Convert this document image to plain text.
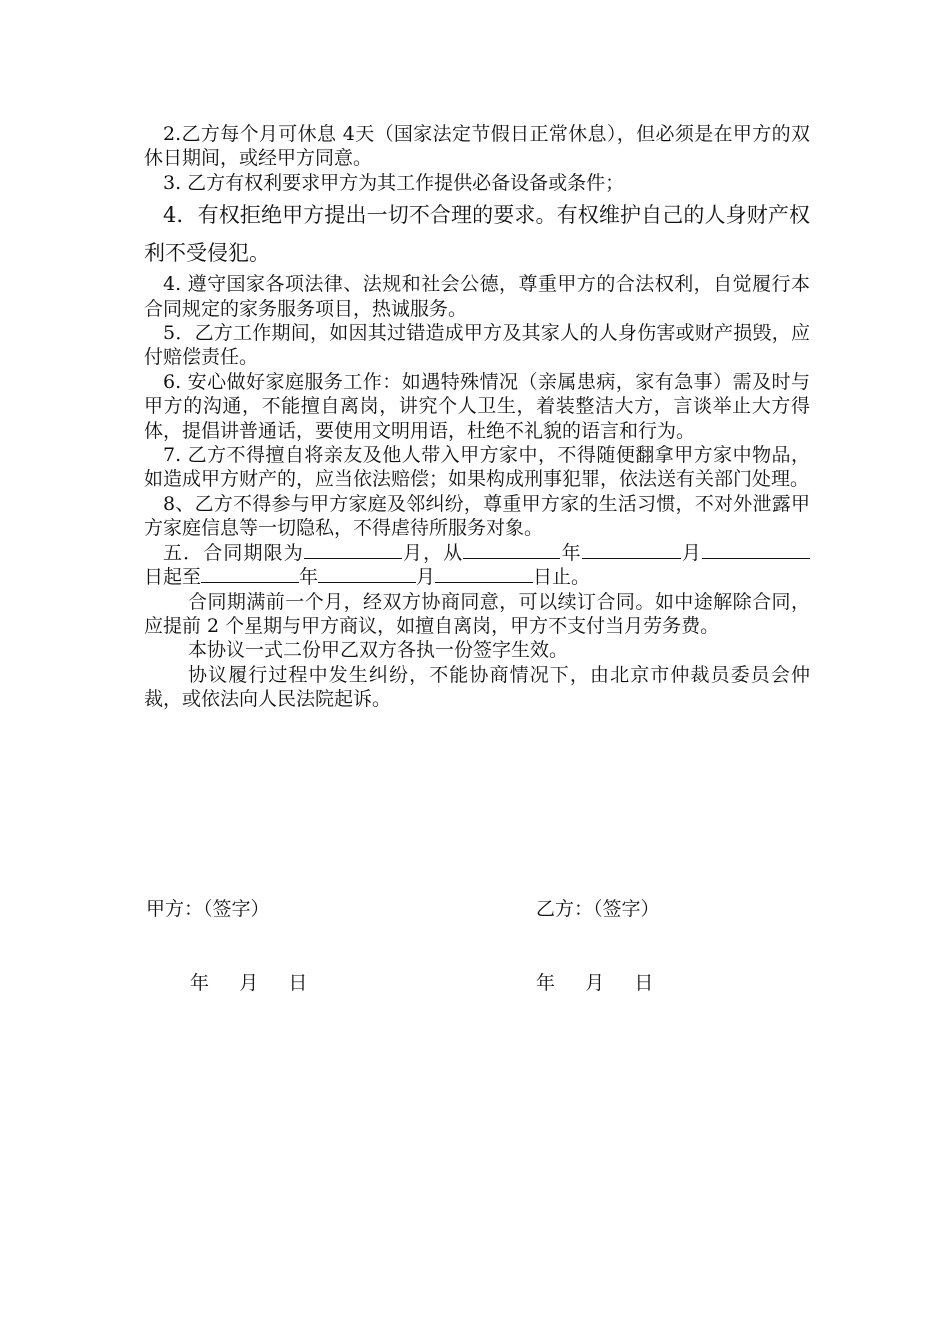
2.乙方每个月可休息 4天（国家法定节假日正常休息），但必须是在甲方的双休日期间，或经甲方同意。

3. 乙方有权利要求甲方为其工作提供必备设备或条件；

4．有权拒绝甲方提出一切不合理的要求。有权维护自己的人身财产权利不受侵犯。

4. 遵守国家各项法律、法规和社会公德，尊重甲方的合法权利，自觉履行本合同规定的家务服务项目，热诚服务。

5．乙方工作期间，如因其过错造成甲方及其家人的人身伤害或财产损毁，应付赔偿责任。

6. 安心做好家庭服务工作：如遇特殊情况（亲属患病，家有急事）需及时与甲方的沟通，不能擅自离岗，讲究个人卫生，着装整洁大方，言谈举止大方得体，提倡讲普通话，要使用文明用语，杜绝不礼貌的语言和行为。

7. 乙方不得擅自将亲友及他人带入甲方家中，不得随便翻拿甲方家中物品，如造成甲方财产的，应当依法赔偿；如果构成刑事犯罪，依法送有关部门处理。

8、乙方不得参与甲方家庭及邻纠纷，尊重甲方家的生活习惯，不对外泄露甲方家庭信息等一切隐私，不得虐待所服务对象。

五．合同期限为	月，从	年	月日起至	年	月	日止。

合同期满前一个月，经双方协商同意，可以续订合同。如中途解除合同，应提前 2 个星期与甲方商议，如擅自离岗，甲方不支付当月劳务费。

本协议一式二份甲乙双方各执一份签字生效。

协议履行过程中发生纠纷，不能协商情况下，由北京市仲裁员委员会仲裁，或依法向人民法院起诉。

甲方：（签字）	乙方：（签字）
年     月     日	年     月     日
